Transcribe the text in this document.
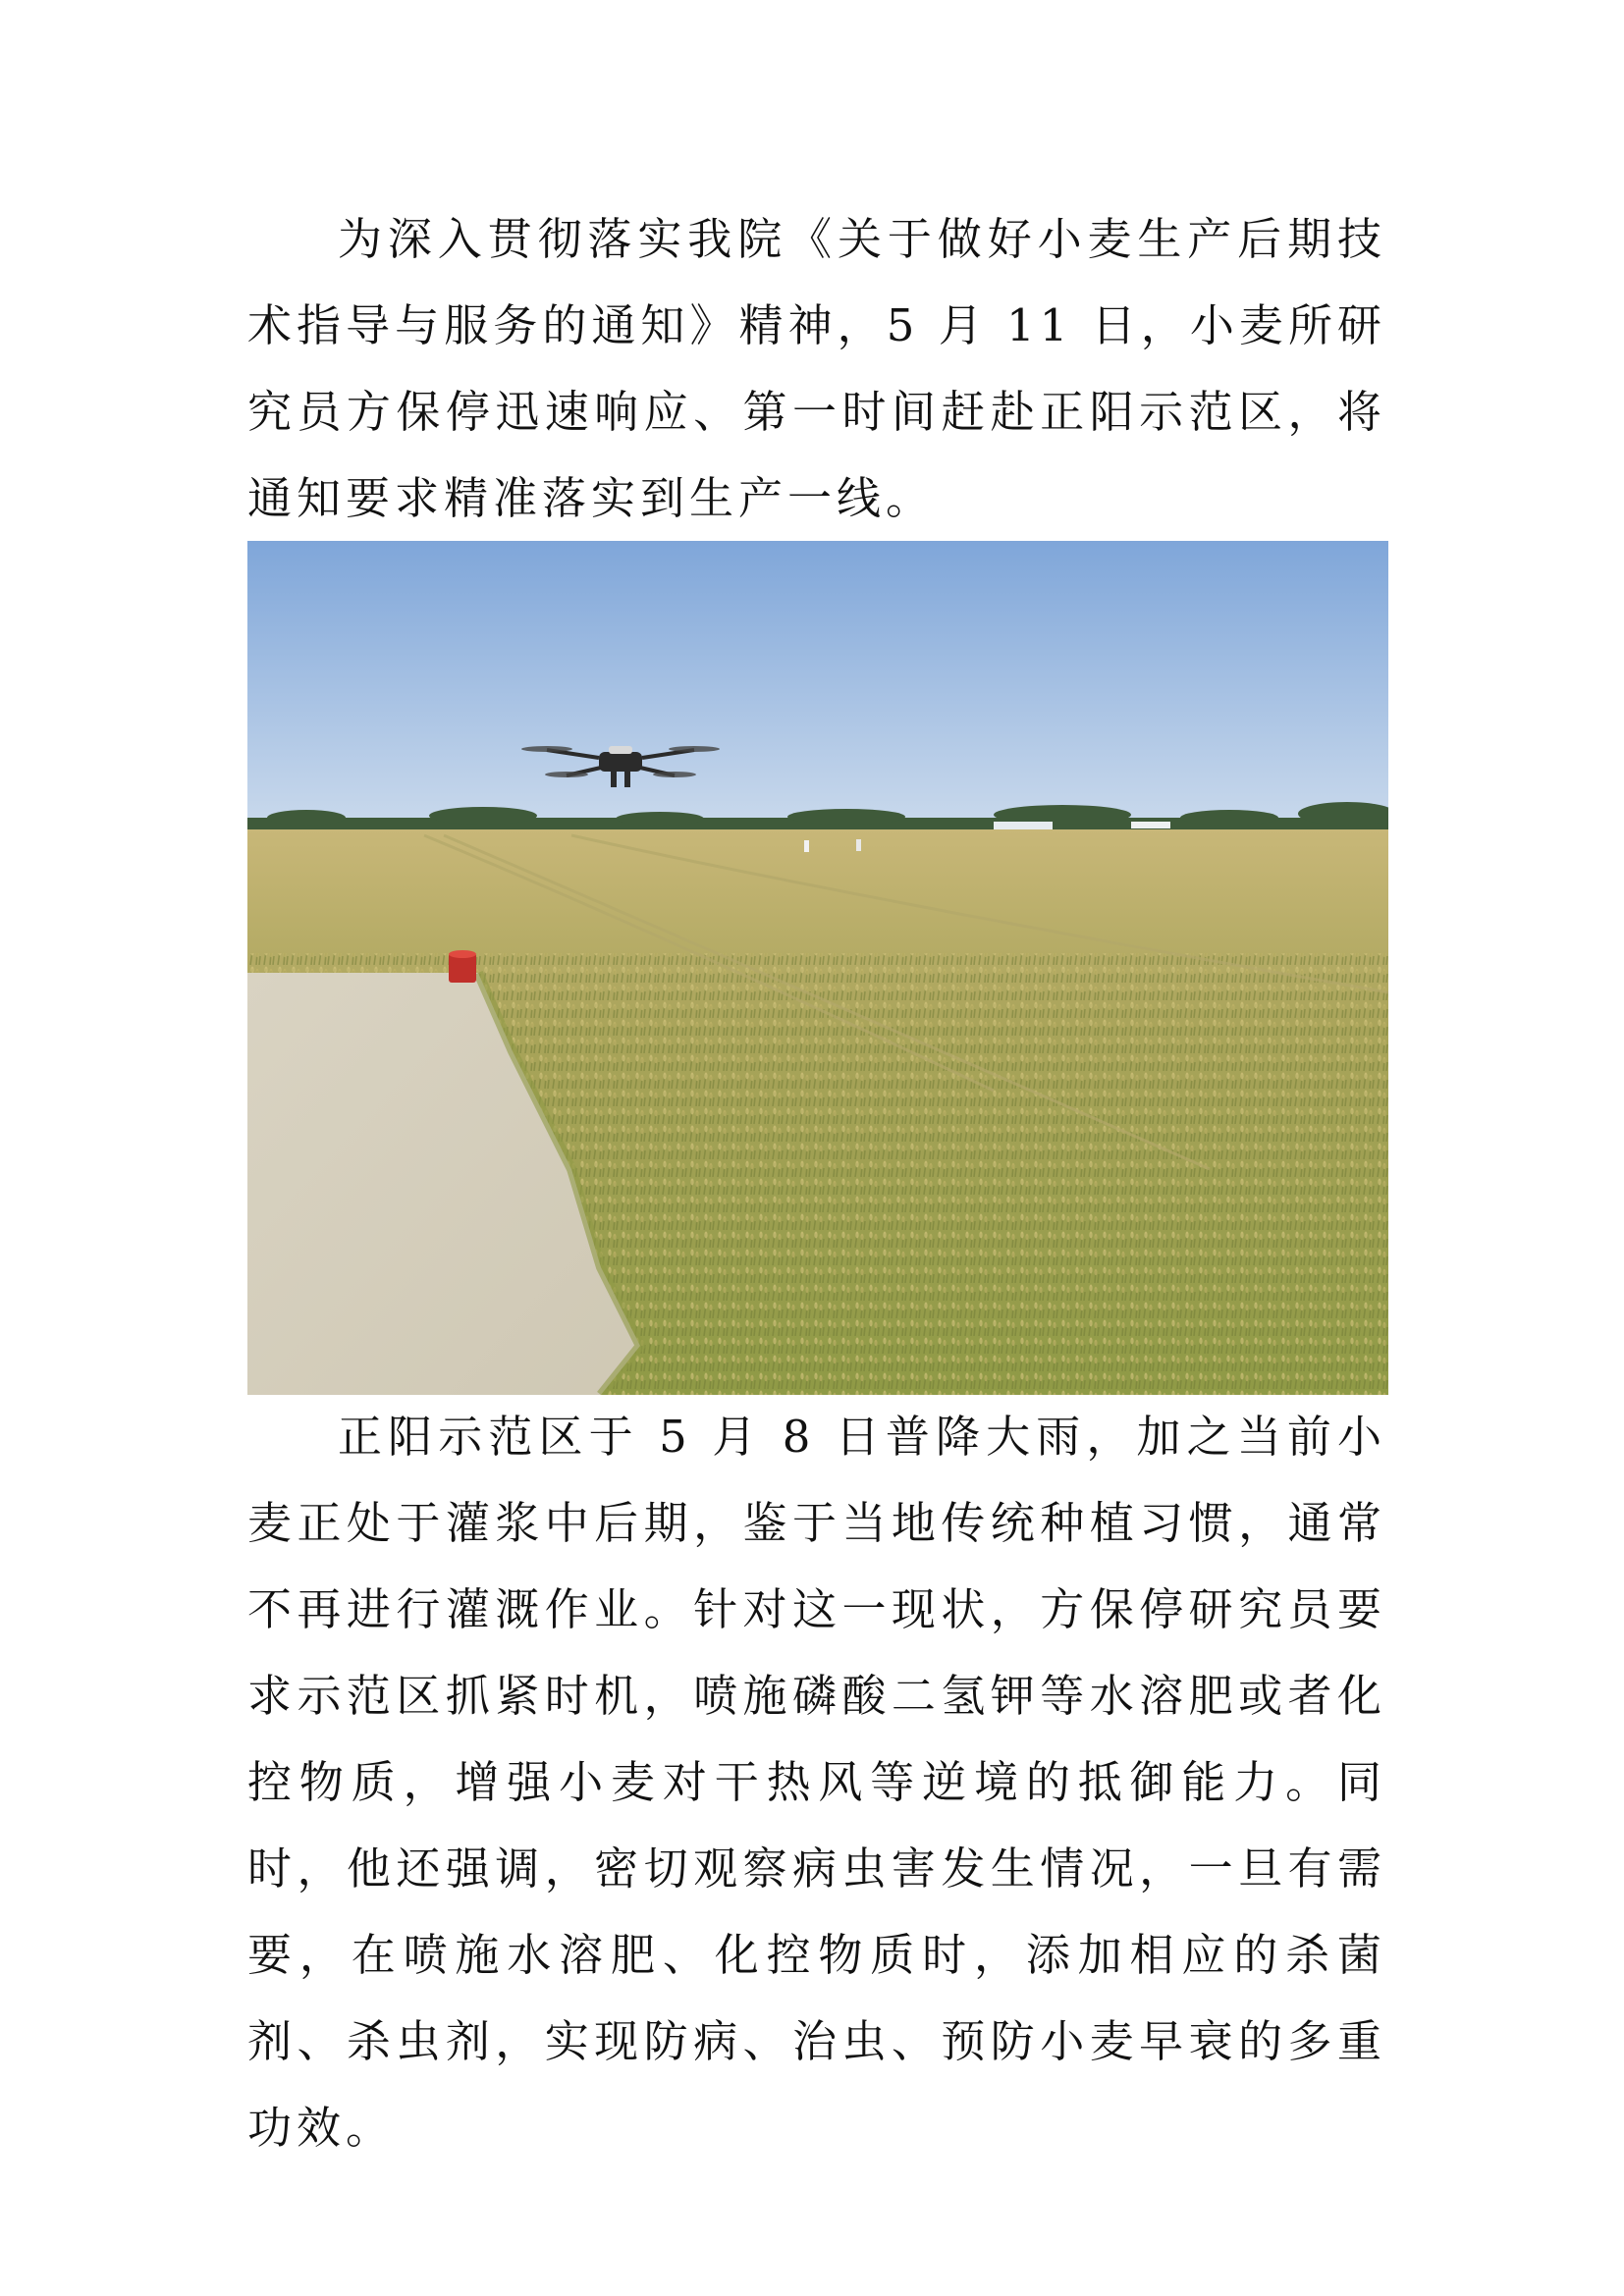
为深入贯彻落实我院《关于做好小麦生产后期技术指导与服务的通知》精神，5 月 11 日，小麦所研究员方保停迅速响应、第一时间赶赴正阳示范区，将通知要求精准落实到生产一线。

正阳示范区于 5 月 8 日普降大雨，加之当前小麦正处于灌浆中后期，鉴于当地传统种植习惯，通常不再进行灌溉作业。针对这一现状，方保停研究员要求示范区抓紧时机，喷施磷酸二氢钾等水溶肥或者化控物质，增强小麦对干热风等逆境的抵御能力。同时，他还强调，密切观察病虫害发生情况，一旦有需要，在喷施水溶肥、化控物质时，添加相应的杀菌剂、杀虫剂，实现防病、治虫、预防小麦早衰的多重功效。
